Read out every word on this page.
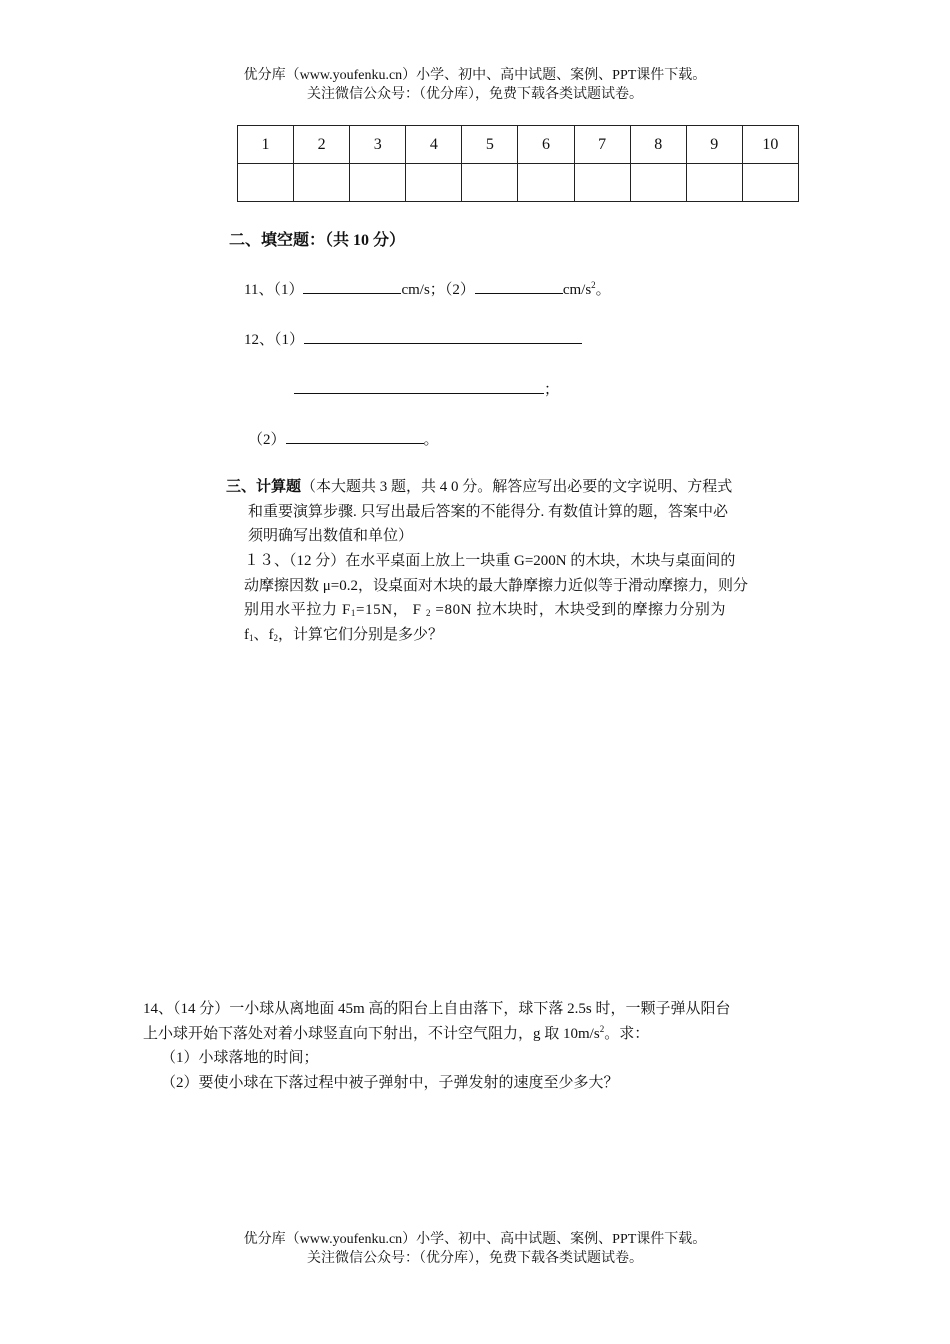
优分库（www.youfenku.cn）小学、初中、高中试题、案例、PPT课件下载。
关注微信公众号：（优分库），免费下载各类试题试卷。
1	2	3	4	5	6	7	8	9	10

二、填空题：（共 10 分）
11、（1）	cm/s；（2）	$cm/s^2$。
12、（1）
；
（2）	。
三、计算题（本大题共 3 题，共 4 0 分。解答应写出必要的文字说明、方程式
和重要演算步骤. 只写出最后答案的不能得分. 有数值计算的题，答案中必
须明确写出数值和单位）
１３、（12 分）在水平桌面上放上一块重 G=200N 的木块，木块与桌面间的
动摩擦因数 μ=0.2，设桌面对木块的最大静摩擦力近似等于滑动摩擦力，则分
别用水平拉力 $F_1=15N$， F $_2$ =80N 拉木块时，木块受到的摩擦力分别为
$f_1$、$f_2$，计算它们分别是多少？
14、（14 分）一小球从离地面 45m 高的阳台上自由落下，球下落 2.5s 时，一颗子弹从阳台
上小球开始下落处对着小球竖直向下射出，不计空气阻力，g 取 $10m/s^2$。求：
（1）小球落地的时间；
（2）要使小球在下落过程中被子弹射中，子弹发射的速度至少多大？
优分库（www.youfenku.cn）小学、初中、高中试题、案例、PPT课件下载。
关注微信公众号：（优分库），免费下载各类试题试卷。
